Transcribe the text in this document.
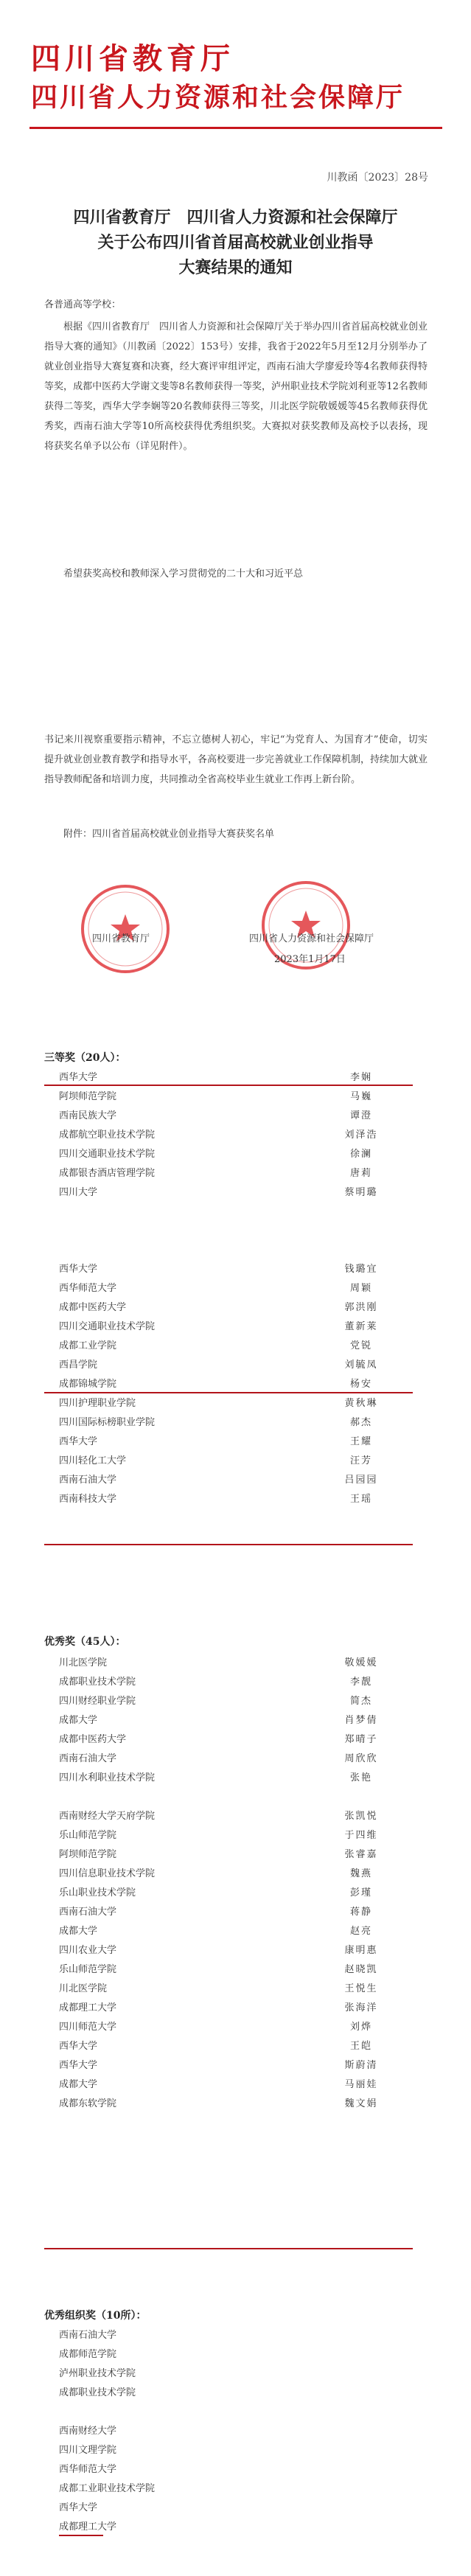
四川省教育厅
四川省人力资源和社会保障厅
川教函〔2023〕28号
四川省教育厅　四川省人力资源和社会保障厅
关于公布四川省首届高校就业创业指导
大赛结果的通知
各普通高等学校：
根据《四川省教育厅　四川省人力资源和社会保障厅关于举办四川省首届高校就业创业指导大赛的通知》（川教函〔2022〕153号）安排，我省于2022年5月至12月分别举办了就业创业指导大赛复赛和决赛，经大赛评审组评定，西南石油大学廖爱玲等4名教师获得特等奖，成都中医药大学谢文斐等8名教师获得一等奖，泸州职业技术学院刘利亚等12名教师获得二等奖，西华大学李娴等20名教师获得三等奖，川北医学院敬媛媛等45名教师获得优秀奖，西南石油大学等10所高校获得优秀组织奖。大赛拟对获奖教师及高校予以表扬，现将获奖名单予以公布（详见附件）。
希望获奖高校和教师深入学习贯彻党的二十大和习近平总
书记来川视察重要指示精神，不忘立德树人初心，牢记“为党育人、为国育才”使命，切实提升就业创业教育教学和指导水平，各高校要进一步完善就业工作保障机制，持续加大就业指导教师配备和培训力度，共同推动全省高校毕业生就业工作再上新台阶。
附件：四川省首届高校就业创业指导大赛获奖名单
四川省教育厅	四川省人力资源和社会保障厅
2023年1月17日
三等奖（20人）：
西华大学	李娴
阿坝师范学院	马巍
西南民族大学	谭澄
成都航空职业技术学院	刘泽浩
四川交通职业技术学院	徐澜
成都银杏酒店管理学院	唐莉
四川大学	蔡明璐
西华大学	钱璐宜
西华师范大学	周颖
成都中医药大学	郭洪刚
四川交通职业技术学院	董新莱
成都工业学院	党锐
西昌学院	刘毓凤
成都锦城学院	杨安
四川护理职业学院	黄秋琳
四川国际标榜职业学院	郝杰
西华大学	王耀
四川轻化工大学	汪芳
西南石油大学	吕园园
西南科技大学	王瑶
优秀奖（45人）：
川北医学院	敬媛媛
成都职业技术学院	李靓
四川财经职业学院	简杰
成都大学	肖梦倩
成都中医药大学	郑晴子
西南石油大学	周欣欣
四川水利职业技术学院	张艳
西南财经大学天府学院	张凯悦
乐山师范学院	于四维
阿坝师范学院	张睿嘉
四川信息职业技术学院	魏燕
乐山职业技术学院	彭瑾
西南石油大学	蒋静
成都大学	赵亮
四川农业大学	康明惠
乐山师范学院	赵晓凯
川北医学院	王悦生
成都理工大学	张海洋
四川师范大学	刘烨
西华大学	王皑
西华大学	斯蔚清
成都大学	马丽娃
成都东软学院	魏文娟
优秀组织奖（10所）：
西南石油大学
成都师范学院
泸州职业技术学院
成都职业技术学院
西南财经大学
四川文理学院
西华师范大学
成都工业职业技术学院
西华大学
成都理工大学
